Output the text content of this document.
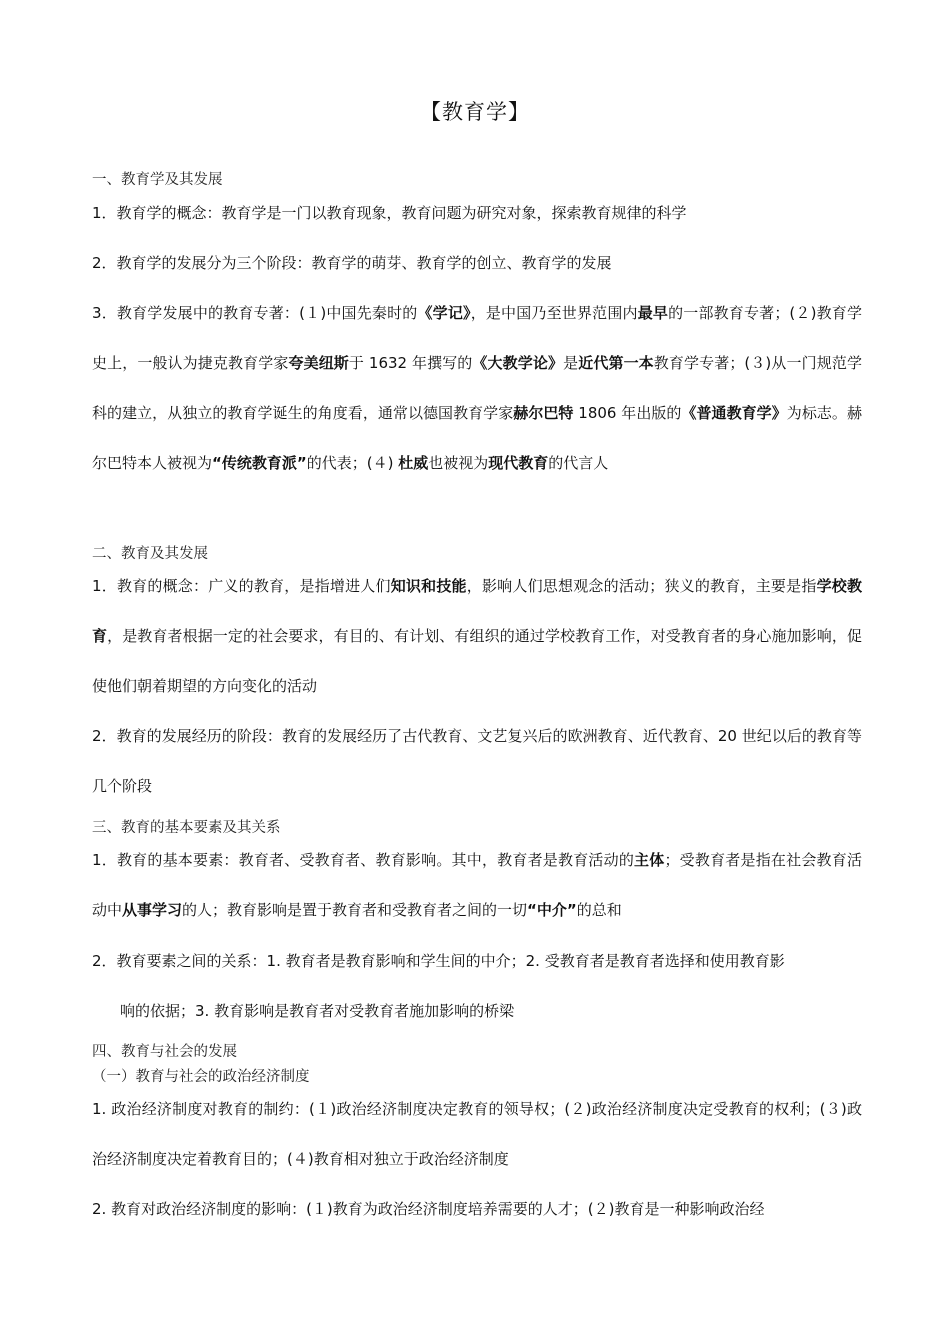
【教育学】
一、教育学及其发展
1．教育学的概念：教育学是一门以教育现象，教育问题为研究对象，探索教育规律的科学
2．教育学的发展分为三个阶段：教育学的萌芽、教育学的创立、教育学的发展
3．教育学发展中的教育专著：(１)中国先秦时的《学记》，是中国乃至世界范围内最早的一部教育专著；(２)教育学史上，一般认为捷克教育学家夸美纽斯于 1632 年撰写的《大教学论》是近代第一本教育学专著；(３)从一门规范学科的建立，从独立的教育学诞生的角度看，通常以德国教育学家赫尔巴特 1806 年出版的《普通教育学》为标志。赫尔巴特本人被视为“传统教育派”的代表；(４) 杜威也被视为现代教育的代言人
二、教育及其发展
1．教育的概念：广义的教育，是指增进人们知识和技能，影响人们思想观念的活动；狭义的教育，主要是指学校教育，是教育者根据一定的社会要求，有目的、有计划、有组织的通过学校教育工作，对受教育者的身心施加影响，促使他们朝着期望的方向变化的活动
2．教育的发展经历的阶段：教育的发展经历了古代教育、文艺复兴后的欧洲教育、近代教育、20 世纪以后的教育等几个阶段
三、教育的基本要素及其关系
1．教育的基本要素：教育者、受教育者、教育影响。其中，教育者是教育活动的主体；受教育者是指在社会教育活动中从事学习的人；教育影响是置于教育者和受教育者之间的一切“中介”的总和
2．教育要素之间的关系：1. 教育者是教育影响和学生间的中介；2. 受教育者是教育者选择和使用教育影
响的依据；3. 教育影响是教育者对受教育者施加影响的桥梁
四、教育与社会的发展
（一）教育与社会的政治经济制度
1. 政治经济制度对教育的制约：(１)政治经济制度决定教育的领导权；(２)政治经济制度决定受教育的权利；(３)政治经济制度决定着教育目的；(４)教育相对独立于政治经济制度
2. 教育对政治经济制度的影响：(１)教育为政治经济制度培养需要的人才；(２)教育是一种影响政治经
